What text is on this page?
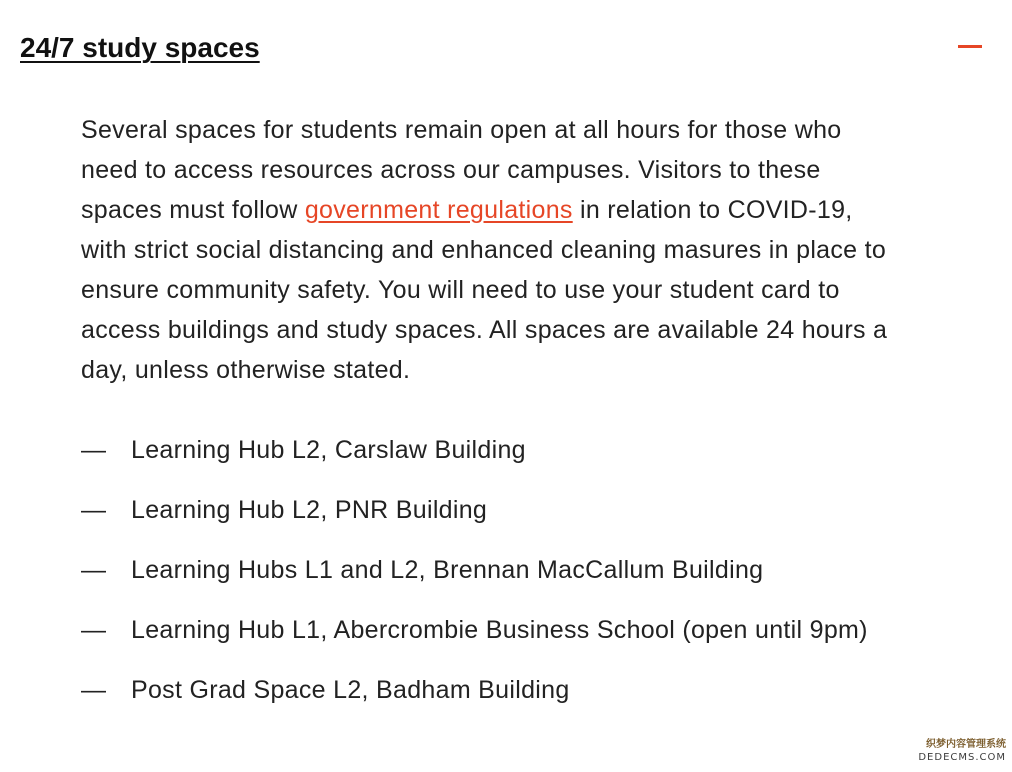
24/7 study spaces

Several spaces for students remain open at all hours for those who need to access resources across our campuses. Visitors to these spaces must follow government regulations in relation to COVID-19, with strict social distancing and enhanced cleaning masures in place to ensure community safety. You will need to use your student card to access buildings and study spaces. All spaces are available 24 hours a day, unless otherwise stated.

— Learning Hub L2, Carslaw Building
— Learning Hub L2, PNR Building
— Learning Hubs L1 and L2, Brennan MacCallum Building
— Learning Hub L1, Abercrombie Business School (open until 9pm)
— Post Grad Space L2, Badham Building
织梦内容管理系统
DEDECMS.COM
